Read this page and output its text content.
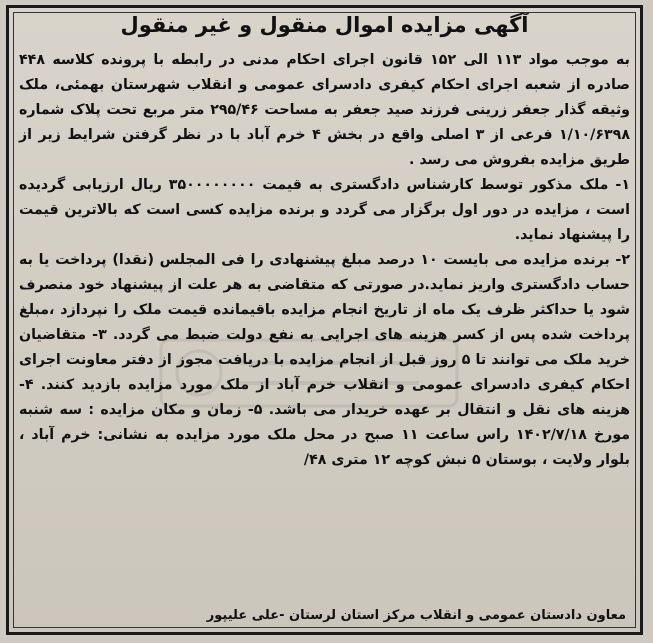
آگهی مزایده اموال منقول و غیر منقول

به موجب مواد ۱۱۳ الی ۱۵۲ قانون اجرای احکام مدنی در رابطه با پرونده کلاسه ۴۴۸ صادره از شعبه اجرای احکام کیفری دادسرای عمومی و انقلاب شهرستان بهمئی، ملک وثیقه گذار جعفر زرینی فرزند صید جعفر به مساحت ۲۹۵/۴۶ متر مربع تحت پلاک شماره ۱/۱۰/۶۳۹۸ فرعی از ۳ اصلی واقع در بخش ۴ خرم آباد با در نظر گرفتن شرایط زیر از طریق مزایده بفروش می رسد .

۱- ملک مذکور توسط کارشناس دادگستری به قیمت ۳۵۰۰۰۰۰۰۰۰ ریال ارزیابی گردیده است ، مزایده در دور اول برگزار می گردد و برنده مزایده کسی است که بالاترین قیمت را پیشنهاد نماید.

۲- برنده مزایده می بایست ۱۰ درصد مبلغ پیشنهادی را فی المجلس (نقدا) پرداخت یا به حساب دادگستری واریز نماید.در صورتی که متقاضی به هر علت از پیشنهاد خود منصرف شود یا حداکثر ظرف یک ماه از تاریخ انجام مزایده باقیمانده قیمت ملک را نپردازد ،مبلغ پرداخت شده پس از کسر هزینه های اجرایی به نفع دولت ضبط می گردد. ۳- متقاضیان خرید ملک می توانند تا ۵ روز قبل از انجام مزایده با دریافت مجوز از دفتر معاونت اجرای احکام کیفری دادسرای عمومی و انقلاب خرم آباد از ملک مورد مزایده بازدید کنند. ۴- هزینه های نقل و انتقال بر عهده خریدار می باشد. ۵- زمان و مکان مزایده : سه شنبه مورخ ۱۴۰۲/۷/۱۸ راس ساعت ۱۱ صبح در محل ملک مورد مزایده به نشانی: خرم آباد ، بلوار ولایت ، بوستان ۵ نبش کوچه ۱۲ متری ۴۸/

معاون دادستان عمومی و انقلاب مرکز استان لرستان -علی علیپور
